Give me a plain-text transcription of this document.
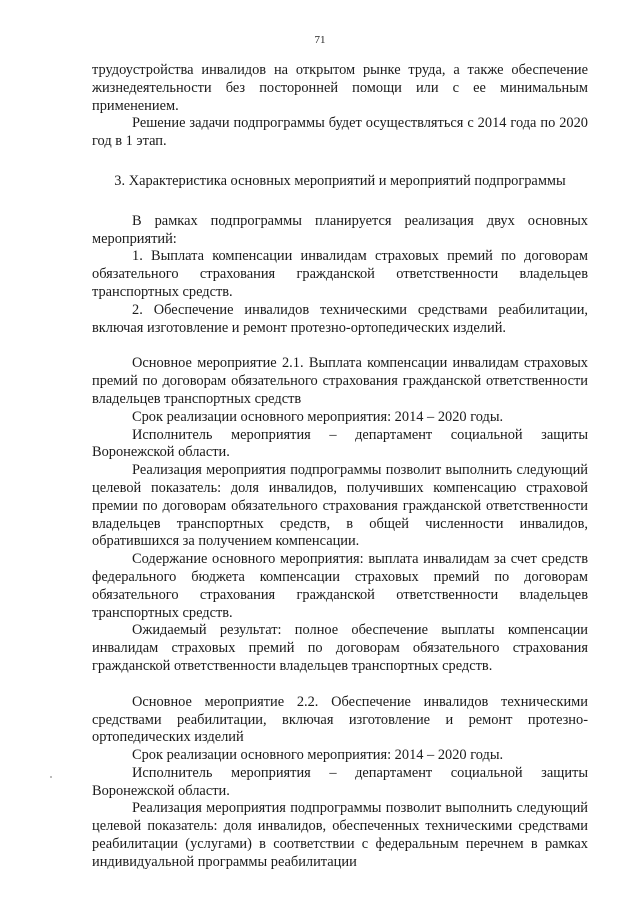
71

трудоустройства инвалидов на открытом рынке труда, а также обеспечение жизнедеятельности без посторонней помощи или с ее минимальным применением.

Решение задачи подпрограммы будет осуществляться с 2014 года по 2020 год в 1 этап.

3. Характеристика основных мероприятий и мероприятий подпрограммы

В рамках подпрограммы планируется реализация двух основных мероприятий:

1. Выплата компенсации инвалидам страховых премий по договорам обязательного страхования гражданской ответственности владельцев транспортных средств.

2. Обеспечение инвалидов техническими средствами реабилитации, включая изготовление и ремонт протезно-ортопедических изделий.

Основное мероприятие 2.1. Выплата компенсации инвалидам страховых премий по договорам обязательного страхования гражданской ответственности владельцев транспортных средств

Срок реализации основного мероприятия: 2014 – 2020 годы.

Исполнитель мероприятия – департамент социальной защиты Воронежской области.

Реализация мероприятия подпрограммы позволит выполнить следующий целевой показатель: доля инвалидов, получивших компенсацию страховой премии по договорам обязательного страхования гражданской ответственности владельцев транспортных средств, в общей численности инвалидов, обратившихся за получением компенсации.

Содержание основного мероприятия: выплата инвалидам за счет средств федерального бюджета компенсации страховых премий по договорам обязательного страхования гражданской ответственности владельцев транспортных средств.

Ожидаемый результат: полное обеспечение выплаты компенсации инвалидам страховых премий по договорам обязательного страхования гражданской ответственности владельцев транспортных средств.

Основное мероприятие 2.2. Обеспечение инвалидов техническими средствами реабилитации, включая изготовление и ремонт протезно-ортопедических изделий

Срок реализации основного мероприятия: 2014 – 2020 годы.

Исполнитель мероприятия – департамент социальной защиты Воронежской области.

Реализация мероприятия подпрограммы позволит выполнить следующий целевой показатель: доля инвалидов, обеспеченных техническими средствами реабилитации (услугами) в соответствии с федеральным перечнем в рамках индивидуальной программы реабилитации
